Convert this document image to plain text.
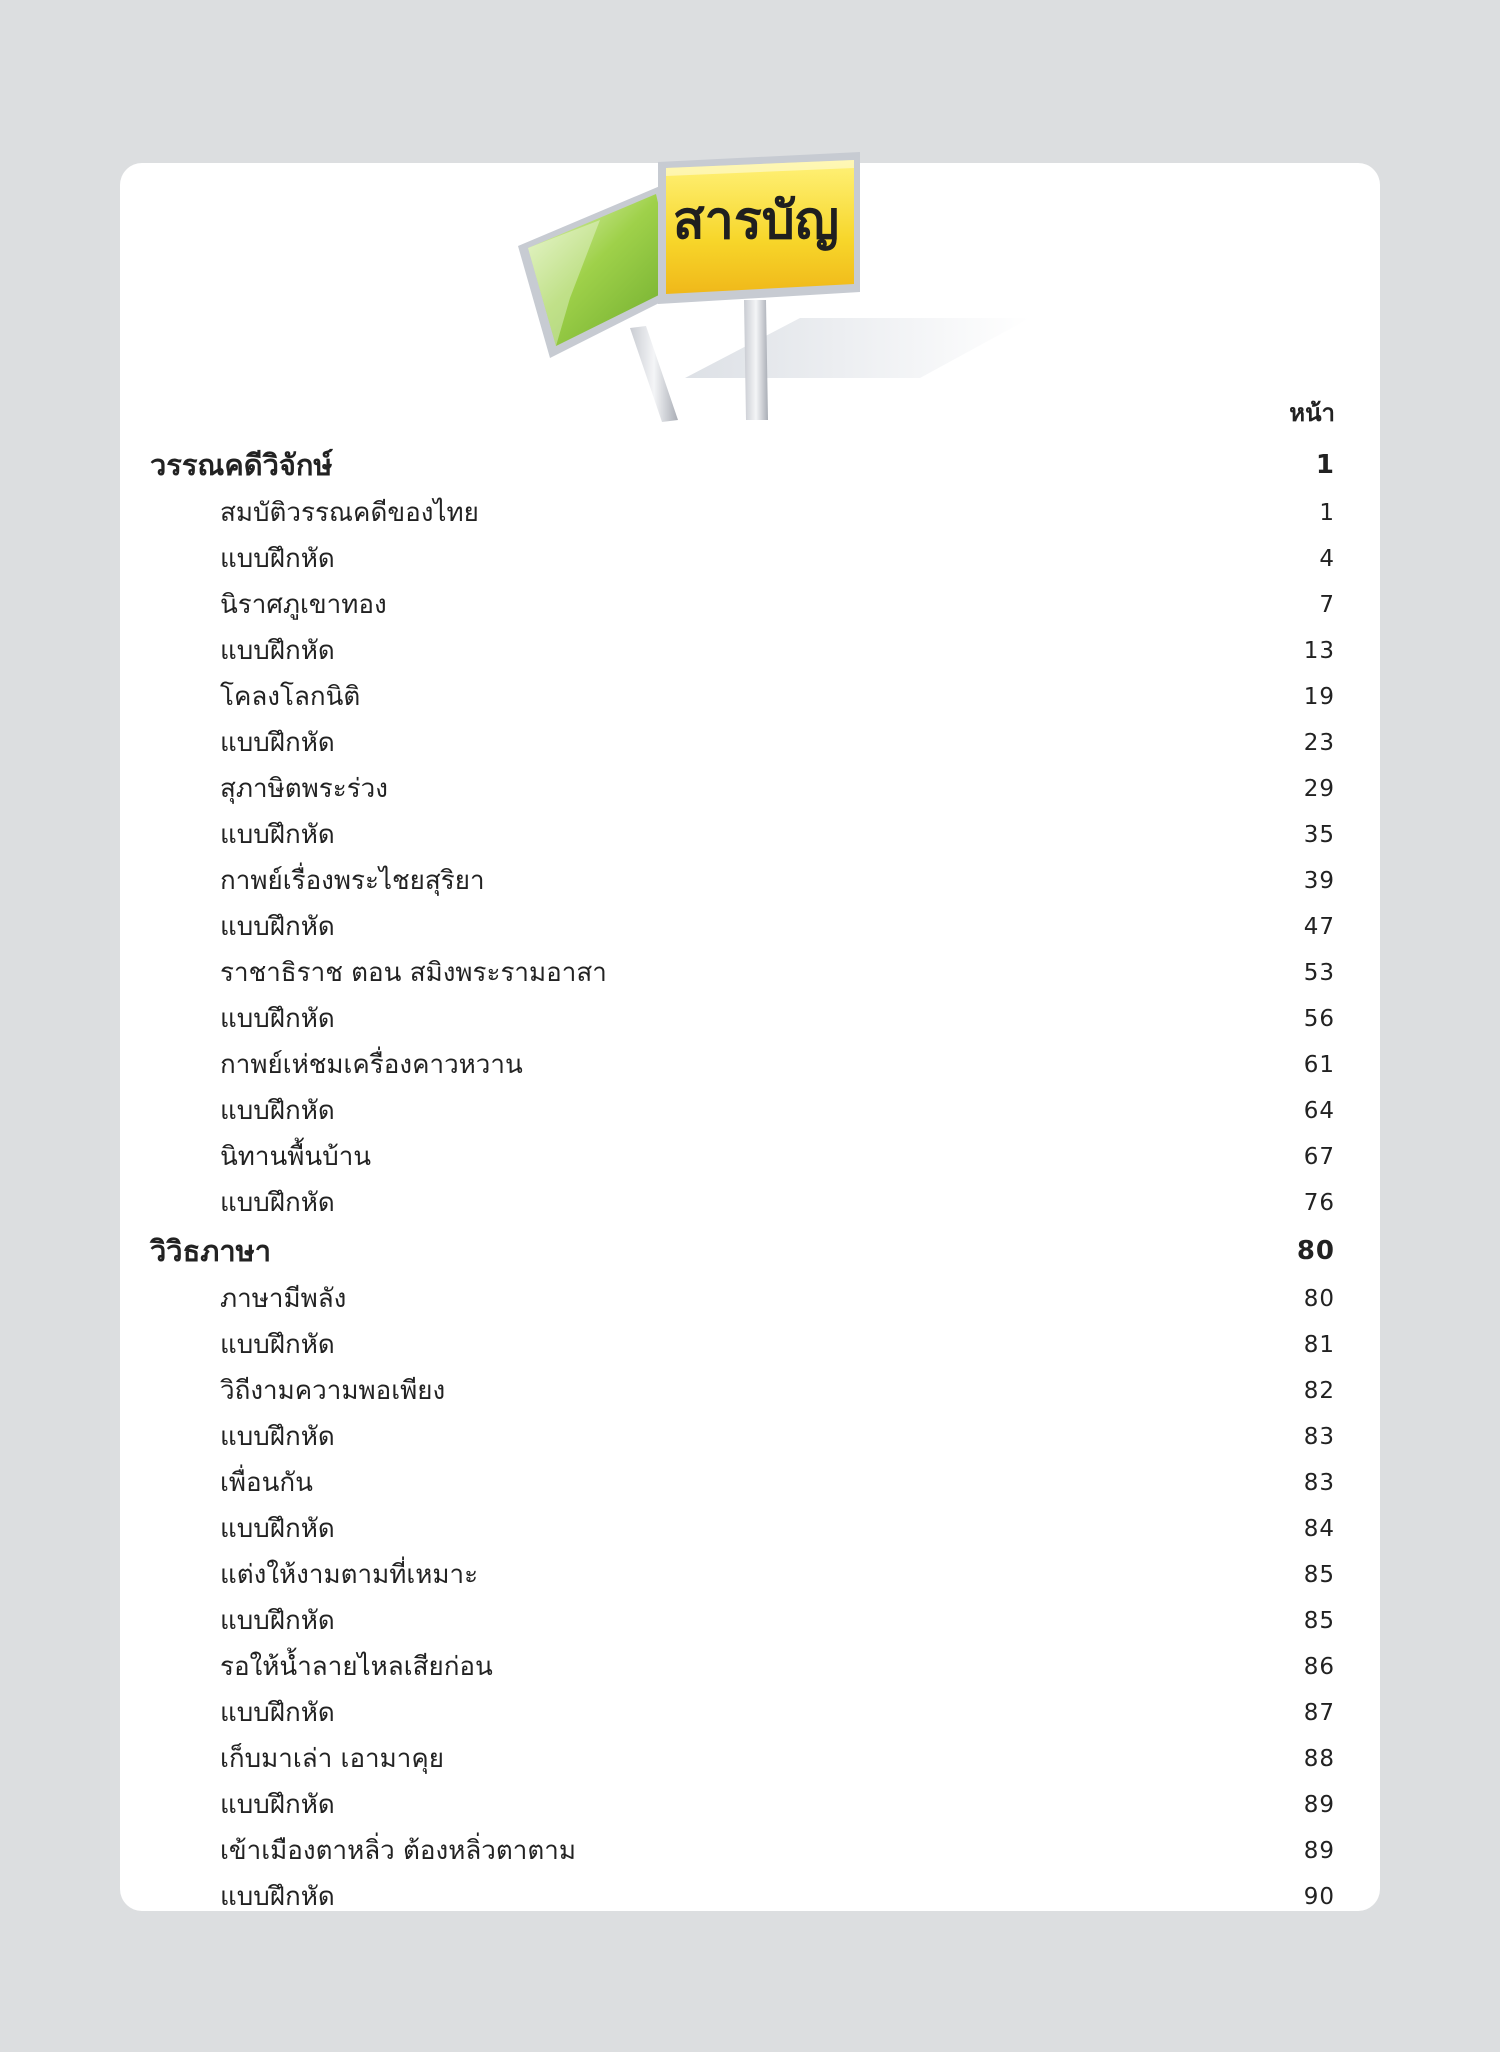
สารบัญ
หน้า
วรรณคดีวิจักษ์	1
สมบัติวรรณคดีของไทย	1
แบบฝึกหัด	4
นิราศภูเขาทอง	7
แบบฝึกหัด	13
โคลงโลกนิติ	19
แบบฝึกหัด	23
สุภาษิตพระร่วง	29
แบบฝึกหัด	35
กาพย์เรื่องพระไชยสุริยา	39
แบบฝึกหัด	47
ราชาธิราช ตอน สมิงพระรามอาสา	53
แบบฝึกหัด	56
กาพย์เห่ชมเครื่องคาวหวาน	61
แบบฝึกหัด	64
นิทานพื้นบ้าน	67
แบบฝึกหัด	76
วิวิธภาษา	80
ภาษามีพลัง	80
แบบฝึกหัด	81
วิถีงามความพอเพียง	82
แบบฝึกหัด	83
เพื่อนกัน	83
แบบฝึกหัด	84
แต่งให้งามตามที่เหมาะ	85
แบบฝึกหัด	85
รอให้น้ำลายไหลเสียก่อน	86
แบบฝึกหัด	87
เก็บมาเล่า เอามาคุย	88
แบบฝึกหัด	89
เข้าเมืองตาหลิ่ว ต้องหลิ่วตาตาม	89
แบบฝึกหัด	90
